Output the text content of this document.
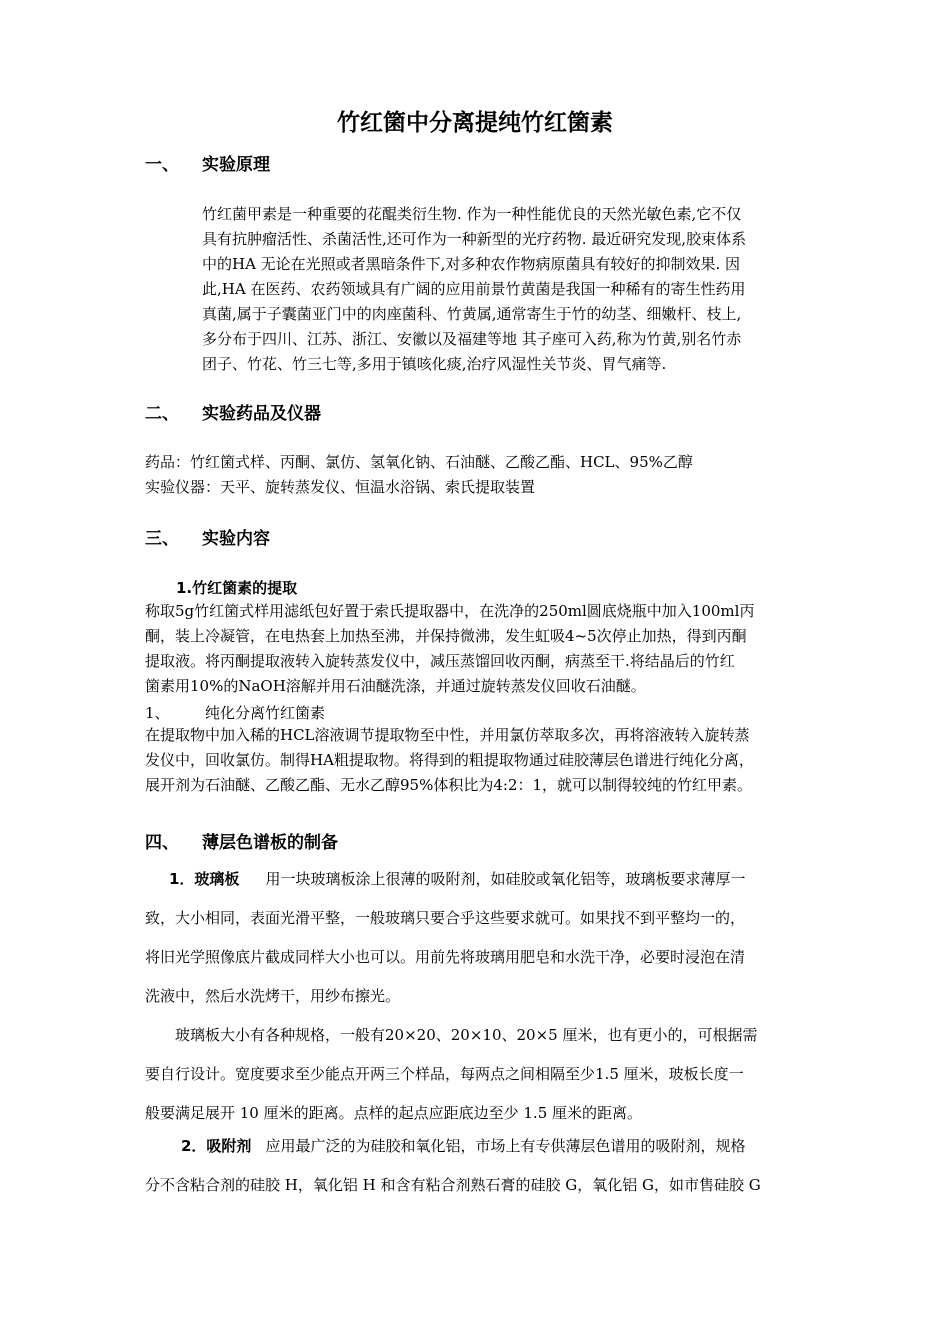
竹红箘中分离提纯竹红箘素
一、 实验原理
竹红菌甲素是一种重要的花醌类衍生物. 作为一种性能优良的天然光敏色素,它不仅
具有抗肿瘤活性、杀菌活性,还可作为一种新型的光疗药物. 最近研究发现,胶束体系
中的HA 无论在光照或者黑暗条件下,对多种农作物病原菌具有较好的抑制效果. 因
此,HA 在医药、农药领域具有广阔的应用前景竹黄菌是我国一种稀有的寄生性药用
真菌,属于子囊菌亚门中的肉座菌科、竹黄属,通常寄生于竹的幼茎、细嫩杆、枝上,
多分布于四川、江苏、浙江、安徽以及福建等地 其子座可入药,称为竹黄,别名竹赤
团子、竹花、竹三七等,多用于镇咳化痰,治疗风湿性关节炎、胃气痛等.
二、 实验药品及仪器
药品：竹红箘式样、丙酮、氯仿、氢氧化钠、石油醚、乙酸乙酯、HCL、95%乙醇
实验仪器：天平、旋转蒸发仪、恒温水浴锅、索氏提取装置
三、 实验内容
1.竹红箘素的提取
称取5g竹红箘式样用滤纸包好置于索氏提取器中，在洗净的250ml圆底烧瓶中加入100ml丙
酮，装上冷凝管，在电热套上加热至沸，并保持微沸，发生虹吸4~5次停止加热，得到丙酮
提取液。将丙酮提取液转入旋转蒸发仪中，减压蒸馏回收丙酮，病蒸至干.将结晶后的竹红
箘素用10%的NaOH溶解并用石油醚洗涤，并通过旋转蒸发仪回收石油醚。
1、 纯化分离竹红箘素
在提取物中加入稀的HCL溶液调节提取物至中性，并用氯仿萃取多次，再将溶液转入旋转蒸
发仪中，回收氯仿。制得HA粗提取物。将得到的粗提取物通过硅胶薄层色谱进行纯化分离，
展开剂为石油醚、乙酸乙酯、无水乙醇95%体积比为4:2：1，就可以制得较纯的竹红甲素。
四、 薄层色谱板的制备
1．玻璃板 用一块玻璃板涂上很薄的吸附剂，如硅胶或氧化铝等，玻璃板要求薄厚一
致，大小相同，表面光滑平整，一般玻璃只要合乎这些要求就可。如果找不到平整均一的，
将旧光学照像底片截成同样大小也可以。用前先将玻璃用肥皂和水洗干净，必要时浸泡在清
洗液中，然后水洗烤干，用纱布擦光。
玻璃板大小有各种规格，一般有20×20、20×10、20×5 厘米，也有更小的，可根据需
要自行设计。宽度要求至少能点开两三个样品，每两点之间相隔至少1.5 厘米，玻板长度一
般要满足展开 10 厘米的距离。点样的起点应距底边至少 1.5 厘米的距离。
2．吸附剂 应用最广泛的为硅胶和氧化铝，市场上有专供薄层色谱用的吸附剂，规格
分不含粘合剂的硅胶 H，氧化铝 H 和含有粘合剂熟石膏的硅胶 G，氧化铝 G，如市售硅胶 G
